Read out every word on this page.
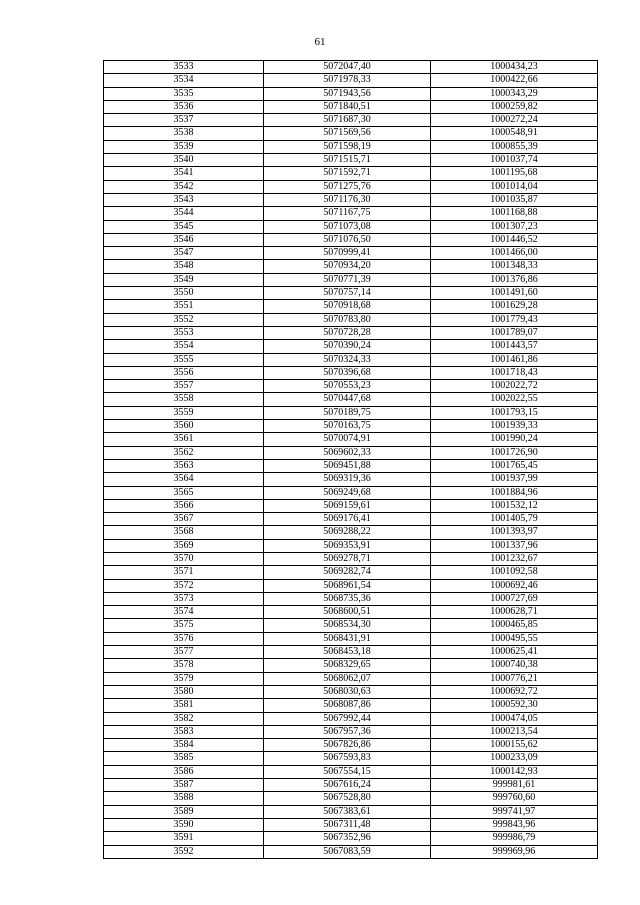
61
3533	5072047,40	1000434,23
3534	5071978,33	1000422,66
3535	5071943,56	1000343,29
3536	5071840,51	1000259,82
3537	5071687,30	1000272,24
3538	5071569,56	1000548,91
3539	5071598,19	1000855,39
3540	5071515,71	1001037,74
3541	5071592,71	1001195,68
3542	5071275,76	1001014,04
3543	5071176,30	1001035,87
3544	5071167,75	1001168,88
3545	5071073,08	1001307,23
3546	5071076,50	1001446,52
3547	5070999,41	1001466,00
3548	5070934,20	1001348,33
3549	5070771,39	1001376,86
3550	5070757,14	1001491,60
3551	5070918,68	1001629,28
3552	5070783,80	1001779,43
3553	5070728,28	1001789,07
3554	5070390,24	1001443,57
3555	5070324,33	1001461,86
3556	5070396,68	1001718,43
3557	5070553,23	1002022,72
3558	5070447,68	1002022,55
3559	5070189,75	1001793,15
3560	5070163,75	1001939,33
3561	5070074,91	1001990,24
3562	5069602,33	1001726,90
3563	5069451,88	1001765,45
3564	5069319,36	1001937,99
3565	5069249,68	1001884,96
3566	5069159,61	1001532,12
3567	5069176,41	1001405,79
3568	5069288,22	1001393,97
3569	5069353,91	1001337,96
3570	5069278,71	1001232,67
3571	5069282,74	1001092,58
3572	5068961,54	1000692,46
3573	5068735,36	1000727,69
3574	5068600,51	1000628,71
3575	5068534,30	1000465,85
3576	5068431,91	1000495,55
3577	5068453,18	1000625,41
3578	5068329,65	1000740,38
3579	5068062,07	1000776,21
3580	5068030,63	1000692,72
3581	5068087,86	1000592,30
3582	5067992,44	1000474,05
3583	5067957,36	1000213,54
3584	5067826,86	1000155,62
3585	5067593,83	1000233,09
3586	5067554,15	1000142,93
3587	5067616,24	999981,61
3588	5067528,80	999760,60
3589	5067383,61	999741,97
3590	5067311,48	999843,96
3591	5067352,96	999986,79
3592	5067083,59	999969,96
